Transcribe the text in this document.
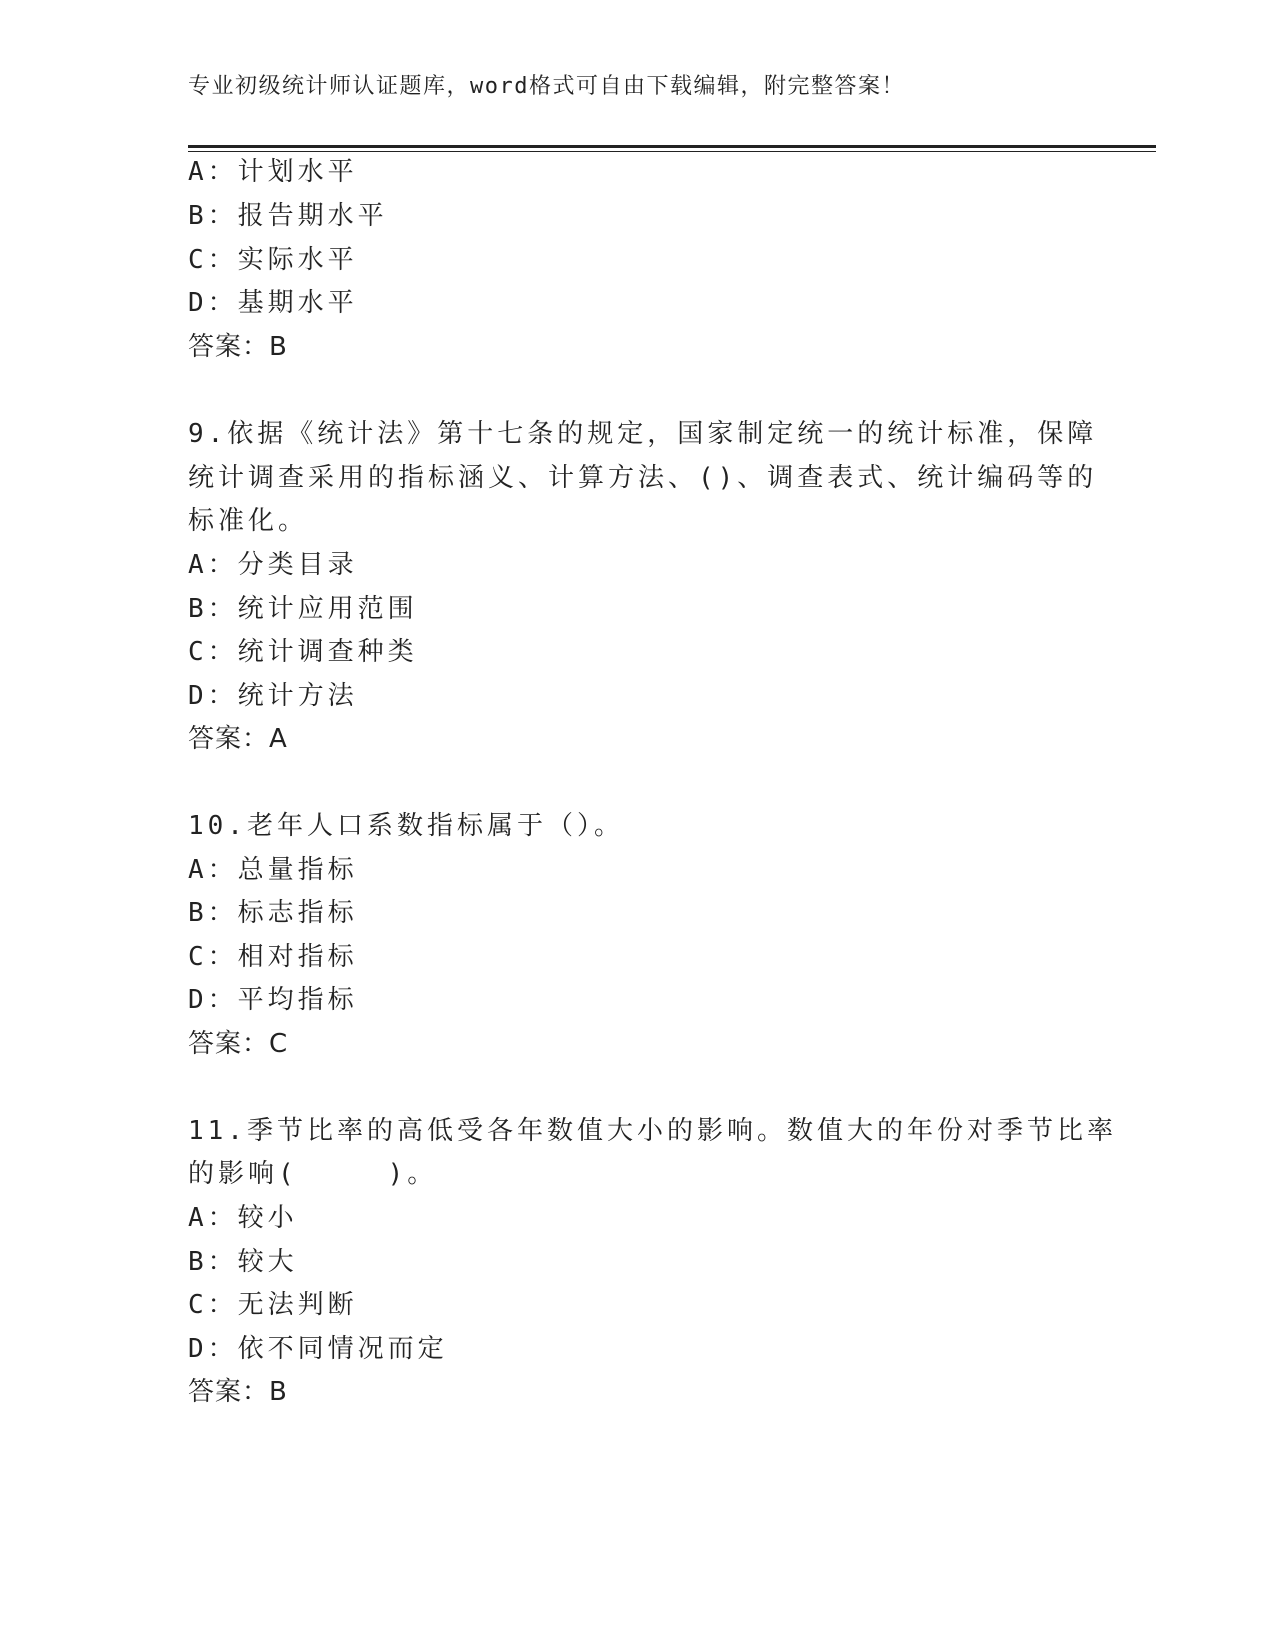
专业初级统计师认证题库，word格式可自由下载编辑，附完整答案！
A：计划水平
B：报告期水平
C：实际水平
D：基期水平
答案：B
9.依据《统计法》第十七条的规定，国家制定统一的统计标准，保障
统计调查采用的指标涵义、计算方法、()、调查表式、统计编码等的
标准化。
A：分类目录
B：统计应用范围
C：统计调查种类
D：统计方法
答案：A
10.老年人口系数指标属于（）。
A：总量指标
B：标志指标
C：相对指标
D：平均指标
答案：C
11.季节比率的高低受各年数值大小的影响。数值大的年份对季节比率
的影响(　　　)。
A：较小
B：较大
C：无法判断
D：依不同情况而定
答案：B
